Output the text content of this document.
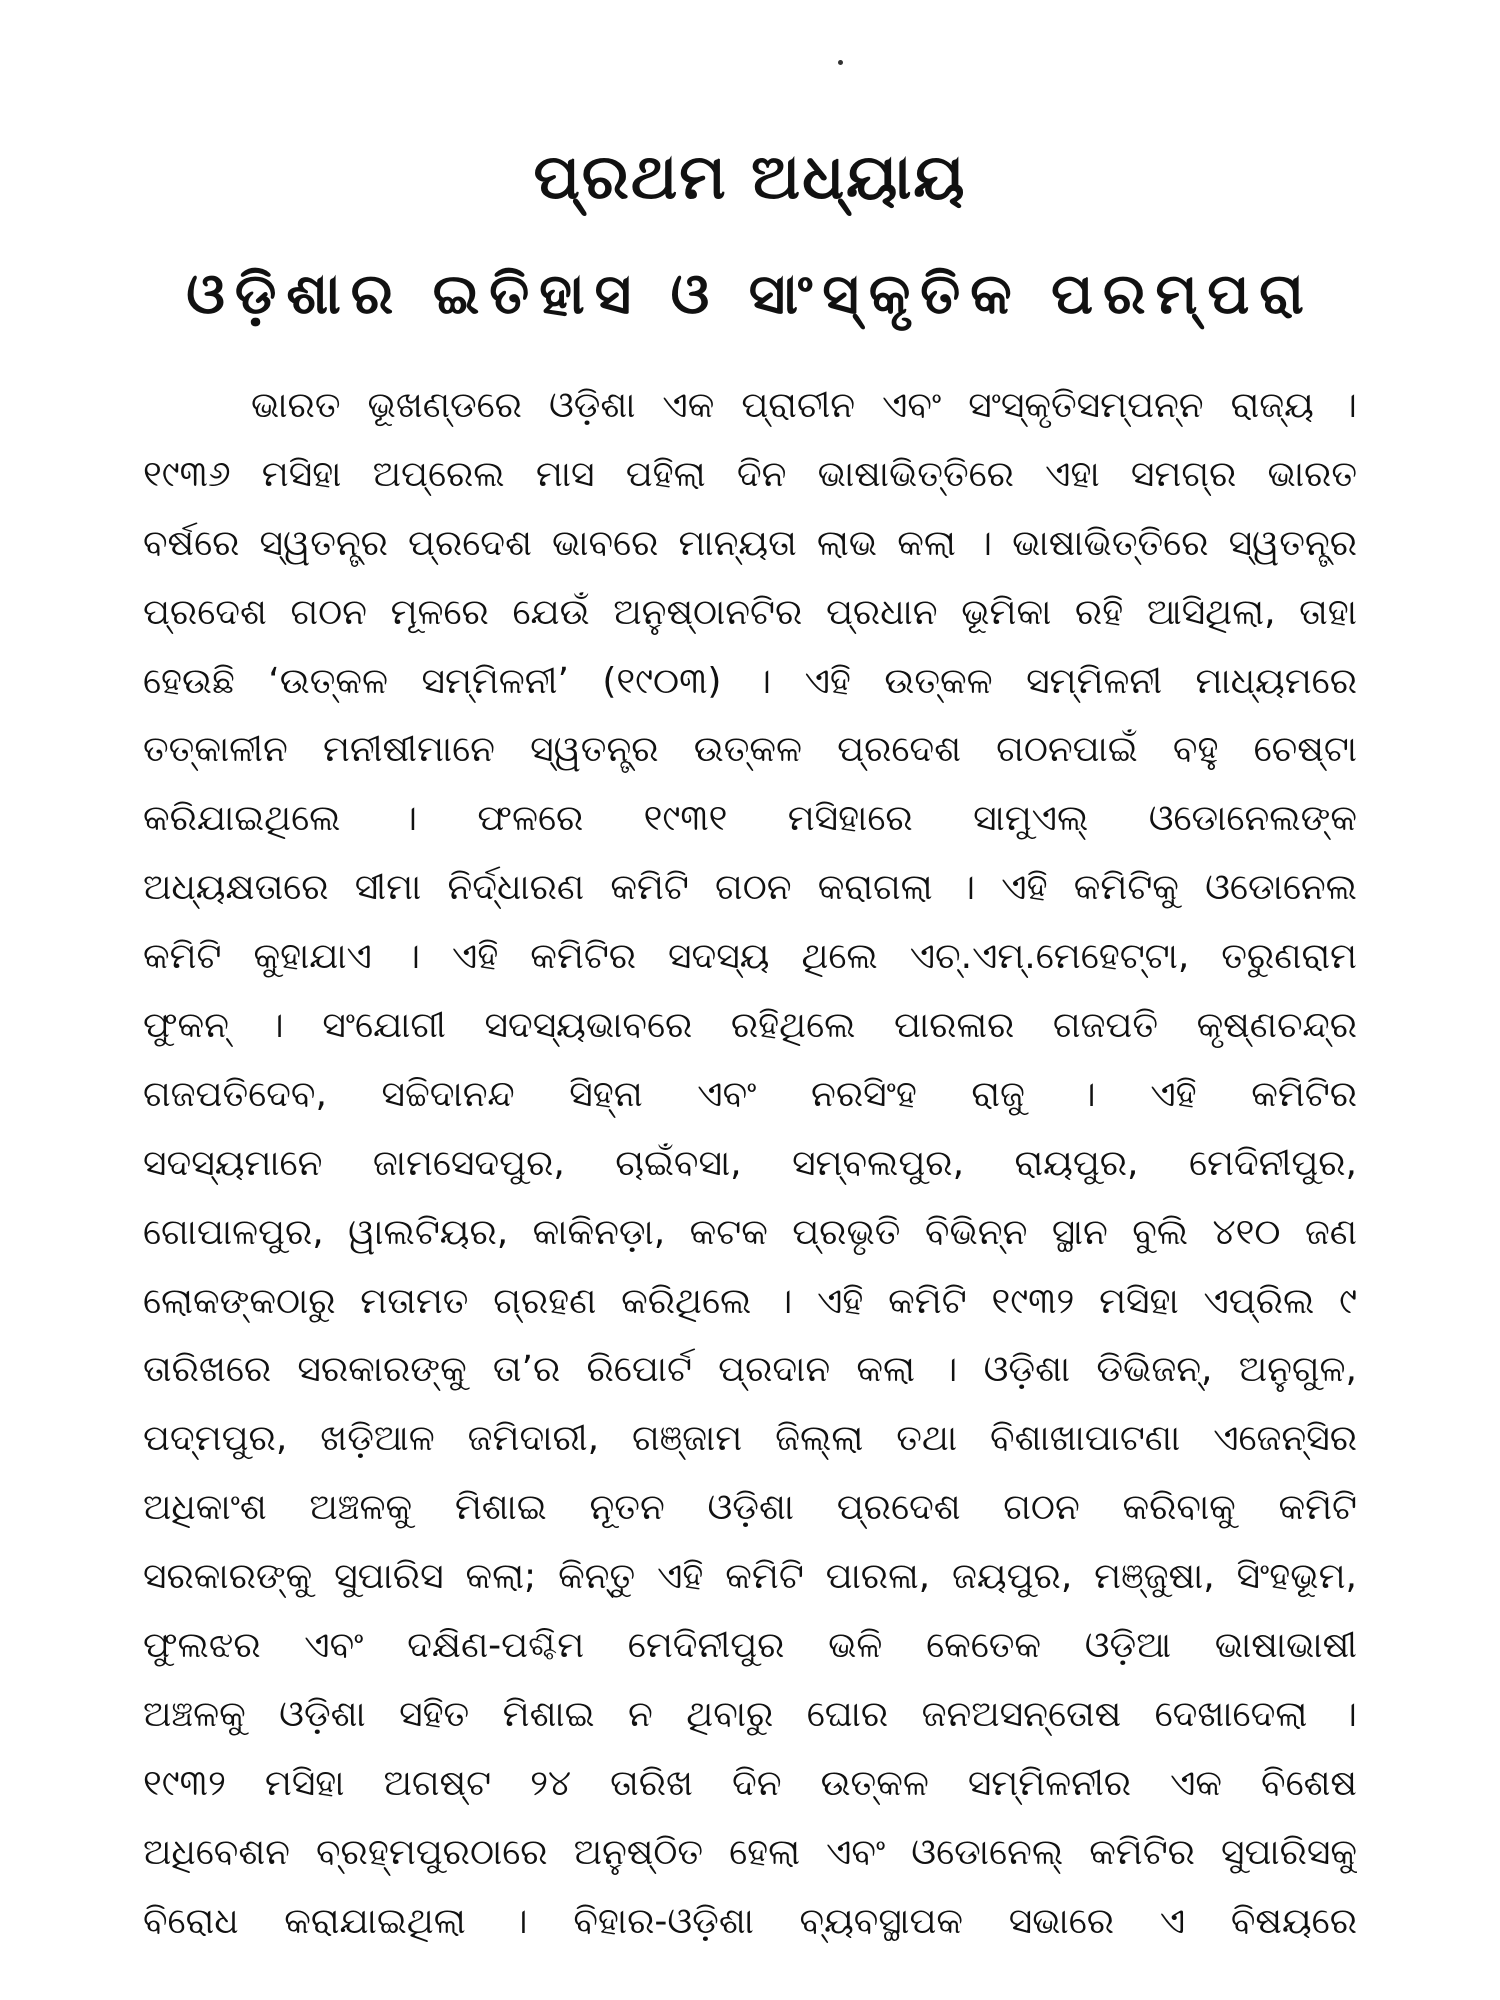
ପ୍ରଥମ ଅଧ୍ୟାୟ
ଓଡ଼ିଶାର ଇତିହାସ ଓ ସାଂସ୍କୃତିକ ପରମ୍ପରା
ଭାରତ ଭୂଖଣ୍ଡରେ ଓଡ଼ିଶା ଏକ ପ୍ରାଚୀନ ଏବଂ ସଂସ୍କୃତିସମ୍ପନ୍ନ ରାଜ୍ୟ ।
୧୯୩୬ ମସିହା ଅପ୍ରେଲ ମାସ ପହିଲା ଦିନ ଭାଷାଭିତ୍ତିରେ ଏହା ସମଗ୍ର ଭାରତ
ବର୍ଷରେ ସ୍ୱତନ୍ତ୍ର ପ୍ରଦେଶ ଭାବରେ ମାନ୍ୟତା ଲାଭ କଲା । ଭାଷାଭିତ୍ତିରେ ସ୍ୱତନ୍ତ୍ର
ପ୍ରଦେଶ ଗଠନ ମୂଳରେ ଯେଉଁ ଅନୁଷ୍ଠାନଟିର ପ୍ରଧାନ ଭୂମିକା ରହି ଆସିଥିଲା, ତାହା
ହେଉଛି ‘ଉତ୍କଳ ସମ୍ମିଳନୀ’ (୧୯୦୩) । ଏହି ଉତ୍କଳ ସମ୍ମିଳନୀ ମାଧ୍ୟମରେ
ତତ୍କାଳୀନ ମନୀଷୀମାନେ ସ୍ୱତନ୍ତ୍ର ଉତ୍କଳ ପ୍ରଦେଶ ଗଠନପାଇଁ ବହୁ ଚେଷ୍ଟା
କରିଯାଇଥିଲେ । ଫଳରେ ୧୯୩୧ ମସିହାରେ ସାମୁଏଲ୍ ଓଡୋନେଲଙ୍କ
ଅଧ୍ୟକ୍ଷତାରେ ସୀମା ନିର୍ଦ୍ଧାରଣ କମିଟି ଗଠନ କରାଗଲା । ଏହି କମିଟିକୁ ଓଡୋନେଲ
କମିଟି କୁହାଯାଏ । ଏହି କମିଟିର ସଦସ୍ୟ ଥିଲେ ଏଚ୍.ଏମ୍.ମେହେଟ୍ଟା, ତରୁଣରାମ
ଫୁକନ୍ । ସଂଯୋଗୀ ସଦସ୍ୟଭାବରେ ରହିଥିଲେ ପାରଳାର ଗଜପତି କୃଷ୍ଣଚନ୍ଦ୍ର
ଗଜପତିଦେବ, ସଚ୍ଚିଦାନନ୍ଦ ସିହ୍ନା ଏବଂ ନରସିଂହ ରାଜୁ । ଏହି କମିଟିର
ସଦସ୍ୟମାନେ ଜାମସେଦପୁର, ଚାଇଁବସା, ସମ୍ବଲପୁର, ରାୟପୁର, ମେଦିନୀପୁର,
ଗୋପାଳପୁର, ୱାଲଟିୟର, କାକିନଡ଼ା, କଟକ ପ୍ରଭୃତି ବିଭିନ୍ନ ସ୍ଥାନ ବୁଲି ୪୧୦ ଜଣ
ଲୋକଙ୍କଠାରୁ ମତାମତ ଗ୍ରହଣ କରିଥିଲେ । ଏହି କମିଟି ୧୯୩୨ ମସିହା ଏପ୍ରିଲ ୯
ତାରିଖରେ ସରକାରଙ୍କୁ ତା’ର ରିପୋର୍ଟ ପ୍ରଦାନ କଲା । ଓଡ଼ିଶା ଡିଭିଜନ୍, ଅନୁଗୁଳ,
ପଦ୍ମପୁର, ଖଡ଼ିଆଳ ଜମିଦାରୀ, ଗଞ୍ଜାମ ଜିଲ୍ଲା ତଥା ବିଶାଖାପାଟଣା ଏଜେନ୍ସିର
ଅଧିକାଂଶ ଅଞ୍ଚଳକୁ ମିଶାଇ ନୂତନ ଓଡ଼ିଶା ପ୍ରଦେଶ ଗଠନ କରିବାକୁ କମିଟି
ସରକାରଙ୍କୁ ସୁପାରିସ କଲା; କିନ୍ତୁ ଏହି କମିଟି ପାରଳା, ଜୟପୁର, ମଞ୍ଜୁଷା, ସିଂହଭୂମ,
ଫୁଲଝର ଏବଂ ଦକ୍ଷିଣ-ପଶ୍ଚିମ ମେଦିନୀପୁର ଭଳି କେତେକ ଓଡ଼ିଆ ଭାଷାଭାଷୀ
ଅଞ୍ଚଳକୁ ଓଡ଼ିଶା ସହିତ ମିଶାଇ ନ ଥିବାରୁ ଘୋର ଜନଅସନ୍ତୋଷ ଦେଖାଦେଲା ।
୧୯୩୨ ମସିହା ଅଗଷ୍ଟ ୨୪ ତାରିଖ ଦିନ ଉତ୍କଳ ସମ୍ମିଳନୀର ଏକ ବିଶେଷ
ଅଧିବେଶନ ବ୍ରହ୍ମପୁରଠାରେ ଅନୁଷ୍ଠିତ ହେଲା ଏବଂ ଓଡୋନେଲ୍ କମିଟିର ସୁପାରିସକୁ
ବିରୋଧ କରାଯାଇଥିଲା । ବିହାର-ଓଡ଼ିଶା ବ୍ୟବସ୍ଥାପକ ସଭାରେ ଏ ବିଷୟରେ
